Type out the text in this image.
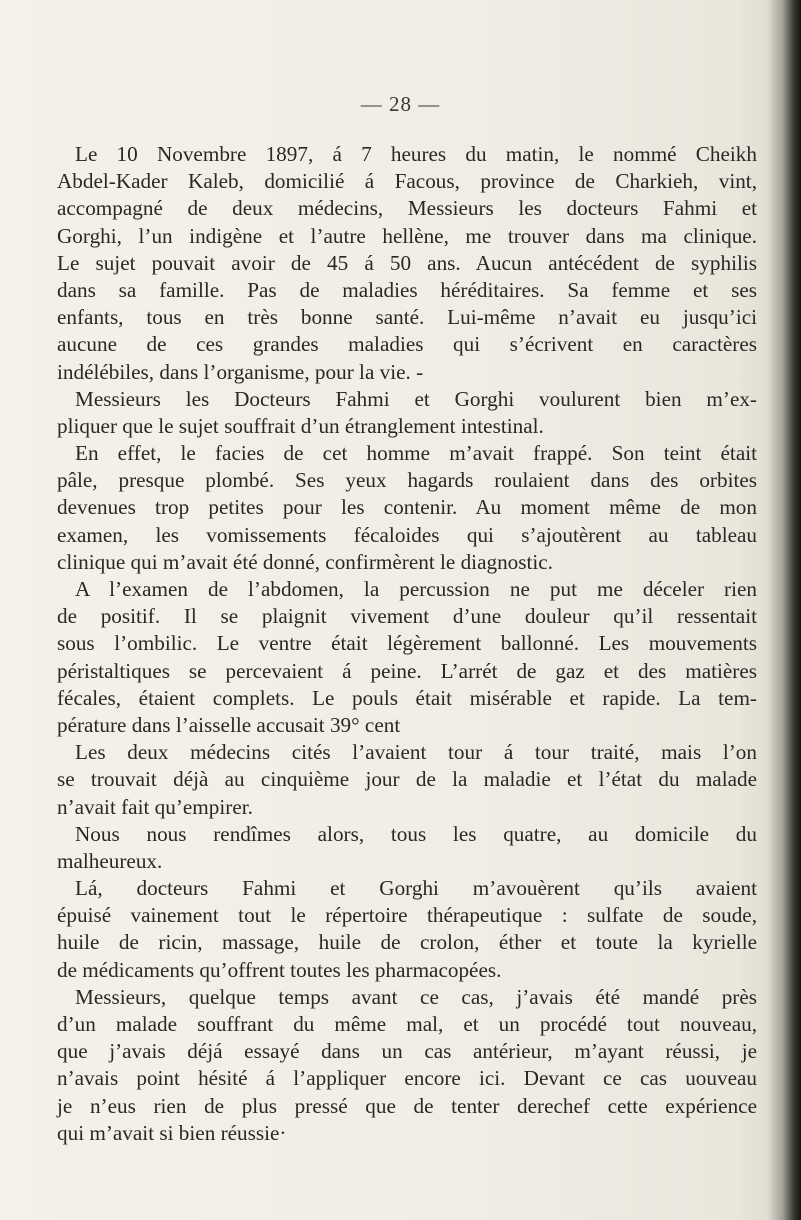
— 28 —
Le 10 Novembre 1897, á 7 heures du matin, le nommé Cheikh
Abdel-Kader Kaleb, domicilié á Facous, province de Charkieh, vint,
accompagné de deux médecins, Messieurs les docteurs Fahmi et
Gorghi, l’un indigène et l’autre hellène, me trouver dans ma clinique.
Le sujet pouvait avoir de 45 á 50 ans. Aucun antécédent de syphilis
dans sa famille. Pas de maladies héréditaires. Sa femme et ses
enfants, tous en très bonne santé. Lui-même n’avait eu jusqu’ici
aucune de ces grandes maladies qui s’écrivent en caractères
indélébiles, dans l’organisme, pour la vie. -
Messieurs les Docteurs Fahmi et Gorghi voulurent bien m’ex-
pliquer que le sujet souffrait d’un étranglement intestinal.
En effet, le facies de cet homme m’avait frappé. Son teint était
pâle, presque plombé. Ses yeux hagards roulaient dans des orbites
devenues trop petites pour les contenir. Au moment même de mon
examen, les vomissements fécaloides qui s’ajoutèrent au tableau
clinique qui m’avait été donné, confirmèrent le diagnostic.
A l’examen de l’abdomen, la percussion ne put me déceler rien
de positif. Il se plaignit vivement d’une douleur qu’il ressentait
sous l’ombilic. Le ventre était légèrement ballonné. Les mouvements
péristaltiques se percevaient á peine. L’arrét de gaz et des matières
fécales, étaient complets. Le pouls était misérable et rapide. La tem-
pérature dans l’aisselle accusait 39° cent
Les deux médecins cités l’avaient tour á tour traité, mais l’on
se trouvait déjà au cinquième jour de la maladie et l’état du malade
n’avait fait qu’empirer.
Nous nous rendîmes alors, tous les quatre, au domicile du
malheureux.
Lá, docteurs Fahmi et Gorghi m’avouèrent qu’ils avaient
épuisé vainement tout le répertoire thérapeutique : sulfate de soude,
huile de ricin, massage, huile de crolon, éther et toute la kyrielle
de médicaments qu’offrent toutes les pharmacopées.
Messieurs, quelque temps avant ce cas, j’avais été mandé près
d’un malade souffrant du même mal, et un procédé tout nouveau,
que j’avais déjá essayé dans un cas antérieur, m’ayant réussi, je
n’avais point hésité á l’appliquer encore ici. Devant ce cas uouveau
je n’eus rien de plus pressé que de tenter derechef cette expérience
qui m’avait si bien réussie·
